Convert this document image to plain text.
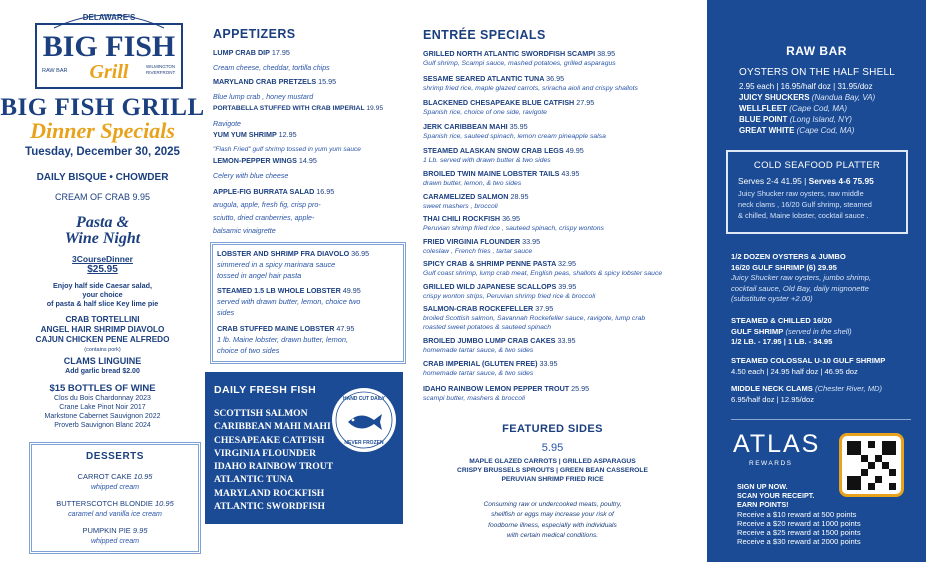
DELAWARE'S
BIG FISH
Grill
RAW BAR
WILMINGTON
RIVERFRONT
BIG FISH GRILL
Dinner Specials
Tuesday, December 30, 2025
DAILY BISQUE • CHOWDER
CREAM OF CRAB 9.95
Pasta &
Wine Night
3CourseDinner
$25.95
Enjoy half side Caesar salad,
your choice
of pasta & half slice Key lime pie
CRAB TORTELLINI
ANGEL HAIR SHRIMP DIAVOLO
CAJUN CHICKEN PENE ALFREDO
(contains pork)
CLAMS LINGUINE
Add garlic bread $2.00
$15 BOTTLES OF WINE
Clos du Bois Chardonnay 2023
Crane Lake Pinot Noir 2017
Markstone Cabernet Sauvignon 2022
Proverb Sauvignon Blanc 2024
DESSERTS
CARROT CAKE 10.95
whipped cream
BUTTERSCOTCH BLONDIE 10.95
caramel and vanilla ice cream
PUMPKIN PIE 9.95
whipped cream
APPETIZERS
LUMP CRAB DIP 17.95
Cream cheese, cheddar, tortilla chips
MARYLAND CRAB PRETZELS 15.95
Blue lump crab , honey mustard
PORTABELLA STUFFED WITH CRAB IMPERIAL 19.95
Ravigote
YUM YUM SHRIMP 12.95
"Flash Fried" gulf shrimp tossed in yum yum sauce
LEMON-PEPPER WINGS 14.95
Celery with blue cheese
APPLE-FIG BURRATA SALAD 16.95
arugula, apple, fresh fig, crisp pro-
sciutto, dried cranberries, apple-
balsamic vinaigrette
LOBSTER AND SHRIMP FRA DIAVOLO 36.95
simmered in a spicy marinara sauce
tossed in angel hair pasta
STEAMED 1.5 LB WHOLE LOBSTER 49.95
served with drawn butter, lemon, choice two
sides
CRAB STUFFED MAINE LOBSTER 47.95
1 lb. Maine lobster, drawn butter, lemon,
choice of two sides
DAILY FRESH FISH
SCOTTISH SALMON
CARIBBEAN MAHI MAHI
CHESAPEAKE CATFISH
VIRGINIA FLOUNDER
IDAHO RAINBOW TROUT
ATLANTIC TUNA
MARYLAND ROCKFISH
ATLANTIC SWORDFISH
HAND CUT DAILY
NEVER FROZEN
ENTRÉE SPECIALS
GRILLED NORTH ATLANTIC SWORDFISH SCAMPI 38.95
Gulf shrimp, Scampi sauce, mashed potatoes, grilled asparagus
SESAME SEARED ATLANTIC TUNA 36.95
shrimp fried rice, maple glazed carrots, sriracha aioli and crispy shallots
BLACKENED CHESAPEAKE BLUE CATFISH 27.95
Spanish rice, choice of one side, ravigote
JERK CARIBBEAN MAHI 35.95
Spanish rice, sauteed spinach, lemon cream pineapple salsa
STEAMED ALASKAN SNOW CRAB LEGS 49.95
1 Lb. served with drawn butter & two sides
BROILED TWIN MAINE LOBSTER TAILS 43.95
drawn butter, lemon, & two sides
CARAMELIZED SALMON 28.95
sweet mashers , broccoli
THAI CHILI ROCKFISH 36.95
Peruvian shrimp fried rice , sauteed spinach, crispy wontons
FRIED VIRGINIA FLOUNDER 33.95
coleslaw , French fries , tartar sauce
SPICY CRAB & SHRIMP PENNE PASTA 32.95
Gulf coast shrimp, lump crab meat, English peas, shallots & spicy lobster sauce
GRILLED WILD JAPANESE SCALLOPS 39.95
crispy wonton strips, Peruvian shrimp fried rice & broccoli
SALMON-CRAB ROCKEFELLER 37.95
broiled Scottish salmon, Savannah Rockefeller sauce, ravigote, lump crab
roasted sweet potatoes & sauteed spinach
BROILED JUMBO LUMP CRAB CAKES 33.95
homemade tartar sauce, & two sides
CRAB IMPERIAL (GLUTEN FREE) 33.95
homemade tartar sauce, & two sides
IDAHO RAINBOW LEMON PEPPER TROUT 25.95
scampi butter, mashers & broccoli
FEATURED SIDES
5.95
MAPLE GLAZED CARROTS | GRILLED ASPARAGUS
CRISPY BRUSSELS SPROUTS | GREEN BEAN CASSEROLE
PERUVIAN SHRIMP FRIED RICE
Consuming raw or undercooked meats, poultry,
shellfish or eggs may increase your risk of
foodborne illness, especially with individuals
with certain medical conditions.
RAW BAR
OYSTERS ON THE HALF SHELL
2.95 each | 16.95/half doz | 31.95/doz
JUICY SHUCKERS (Nandua Bay, VA)
WELLFLEET (Cape Cod, MA)
BLUE POINT (Long Island, NY)
GREAT WHITE (Cape Cod, MA)
COLD SEAFOOD PLATTER
Serves 2-4 41.95 | Serves 4-6 75.95
Juicy Shucker raw oysters, raw middle
neck clams , 16/20 Gulf shrimp, steamed
& chilled, Maine lobster, cocktail sauce .
1/2 DOZEN OYSTERS & JUMBO
16/20 GULF SHRIMP (6) 29.95
Juicy Shucker raw oysters, jumbo shrimp,
cocktail sauce, Old Bay, daily mignonette
(substitute oyster +2.00)
STEAMED & CHILLED 16/20
GULF SHRIMP (served in the shell)
1/2 LB. - 17.95 | 1 LB. - 34.95
STEAMED COLOSSAL U-10 GULF SHRIMP
4.50 each | 24.95 half doz | 46.95 doz
MIDDLE NECK CLAMS (Chester River, MD)
6.95/half doz | 12.95/doz
ATLAS
REWARDS
SIGN UP NOW.
SCAN YOUR RECEIPT.
EARN POINTS!
Receive a $10 reward at 500 points
Receive a $20 reward at 1000 points
Receive a $25 reward at 1500 points
Receive a $30 reward at 2000 points
